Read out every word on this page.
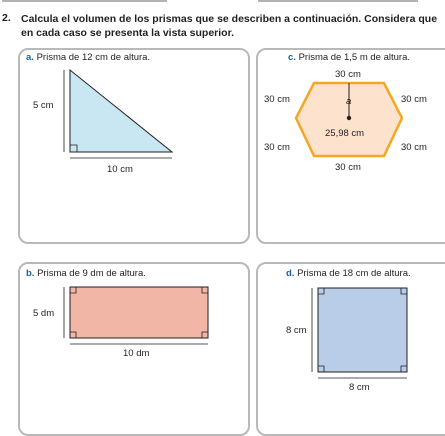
2. Calcula el volumen de los prismas que se describen a continuación. Considera que en cada caso se presenta la vista superior.
a. Prisma de 12 cm de altura.	c. Prisma de 1,5 m de altura.
b. Prisma de 9 dm de altura.	d. Prisma de 18 cm de altura.
5 cm
10 cm
5 dm
10 dm
30 cm
30 cm	30 cm
30 cm	30 cm
30 cm
a
25,98 cm
8 cm
8 cm
